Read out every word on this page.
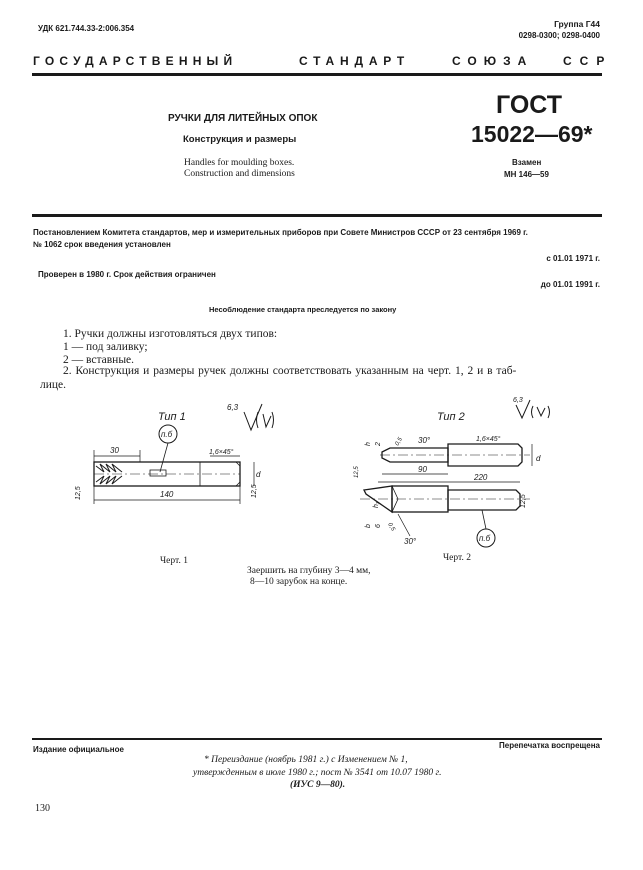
УДК 621.744.33-2:006.354	Группа Г44
0298-0300; 0298-0400
ГОСУДАРСТВЕННЫЙ	СТАНДАРТ	СОЮЗА ССР
РУЧКИ ДЛЯ ЛИТЕЙНЫХ ОПОК
Конструкция и размеры
Handles for moulding boxes.
Construction and dimensions
ГОСТ
15022—69*
Взамен
МН 146—59
Постановлением Комитета стандартов, мер и измерительных приборов при Совете Министров СССР от 23 сентября 1969 г.
№ 1062 срок введения установлен
с 01.01 1971 г.
Проверен в 1980 г. Срок действия ограничен
до 01.01 1991 г.
Несоблюдение стандарта преследуется по закону
1. Ручки должны изготовляться двух типов:
1 — под заливку;
2 — вставные.
2. Конструкция и размеры ручек должны соответствовать указанным на черт. 1, 2 и в таб-
лице.
Тип 1
6,3
п.б
30
140
1,6×45°
d
12,5	12,5
Тип 2
6,3
30°	1,6×45°
d
h 2 0,5
90
12,5	220
12,5
b 6
h₁
0,5
30°	п.б
Черт. 1	Черт. 2
Заершить на глубину 3—4 мм,
8—10 зарубок на конце.
Издание официальное	Перепечатка воспрещена
* Переиздание (ноябрь 1981 г.) с Изменением № 1,
утвержденным в июле 1980 г.; пост № 3541 от 10.07 1980 г.
(ИУС 9—80).
130
